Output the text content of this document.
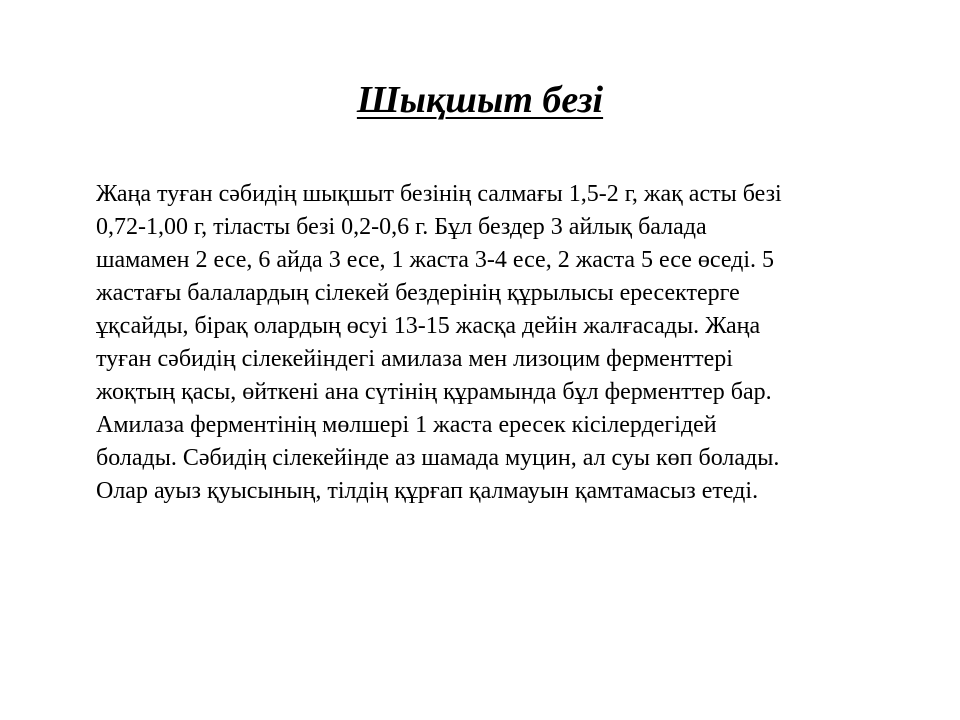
Шықшыт безі
Жаңа туған сәбидің шықшыт безінің салмағы 1,5-2 г, жақ асты безі
0,72-1,00 г, тіласты безі 0,2-0,6 г. Бұл бездер 3 айлық балада
шамамен 2 есе, 6 айда 3 есе, 1 жаста 3-4 есе, 2 жаста 5 есе өседі. 5
жастағы балалардың сілекей бездерінің құрылысы ересектерге
ұқсайды, бірақ олардың өсуі 13-15 жасқа дейін жалғасады. Жаңа
туған сәбидің сілекейіндегі амилаза мен лизоцим ферменттері
жоқтың қасы, өйткені ана сүтінің құрамында бұл ферменттер бар.
Амилаза ферментінің мөлшері 1 жаста ересек кісілердегідей
болады. Сәбидің сілекейінде аз шамада муцин, ал суы көп болады.
Олар ауыз қуысының, тілдің құрғап қалмауын қамтамасыз етеді.
